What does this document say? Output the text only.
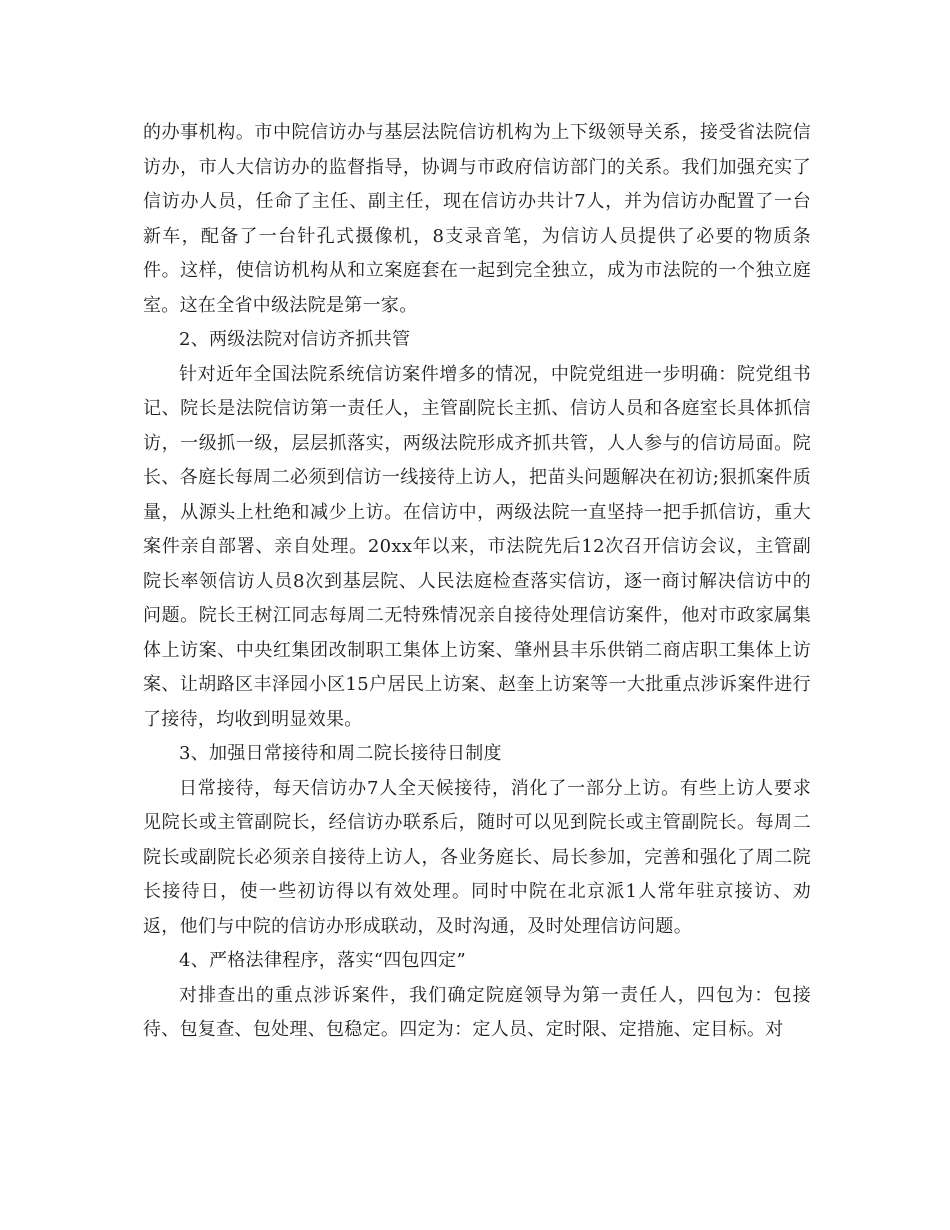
的办事机构。市中院信访办与基层法院信访机构为上下级领导关系，接受省法院信访办，市人大信访办的监督指导，协调与市政府信访部门的关系。我们加强充实了信访办人员，任命了主任、副主任，现在信访办共计7人，并为信访办配置了一台新车，配备了一台针孔式摄像机，8支录音笔，为信访人员提供了必要的物质条件。这样，使信访机构从和立案庭套在一起到完全独立，成为市法院的一个独立庭室。这在全省中级法院是第一家。

2、两级法院对信访齐抓共管

针对近年全国法院系统信访案件增多的情况，中院党组进一步明确：院党组书记、院长是法院信访第一责任人，主管副院长主抓、信访人员和各庭室长具体抓信访，一级抓一级，层层抓落实，两级法院形成齐抓共管，人人参与的信访局面。院长、各庭长每周二必须到信访一线接待上访人，把苗头问题解决在初访;狠抓案件质量，从源头上杜绝和减少上访。在信访中，两级法院一直坚持一把手抓信访，重大案件亲自部署、亲自处理。20xx年以来，市法院先后12次召开信访会议，主管副院长率领信访人员8次到基层院、人民法庭检查落实信访，逐一商讨解决信访中的问题。院长王树江同志每周二无特殊情况亲自接待处理信访案件，他对市政家属集体上访案、中央红集团改制职工集体上访案、肇州县丰乐供销二商店职工集体上访案、让胡路区丰泽园小区15户居民上访案、赵奎上访案等一大批重点涉诉案件进行了接待，均收到明显效果。

3、加强日常接待和周二院长接待日制度

日常接待，每天信访办7人全天候接待，消化了一部分上访。有些上访人要求见院长或主管副院长，经信访办联系后，随时可以见到院长或主管副院长。每周二院长或副院长必须亲自接待上访人，各业务庭长、局长参加，完善和强化了周二院长接待日，使一些初访得以有效处理。同时中院在北京派1人常年驻京接访、劝返，他们与中院的信访办形成联动，及时沟通，及时处理信访问题。

4、严格法律程序，落实“四包四定”

对排查出的重点涉诉案件，我们确定院庭领导为第一责任人，四包为：包接待、包复查、包处理、包稳定。四定为：定人员、定时限、定措施、定目标。对
